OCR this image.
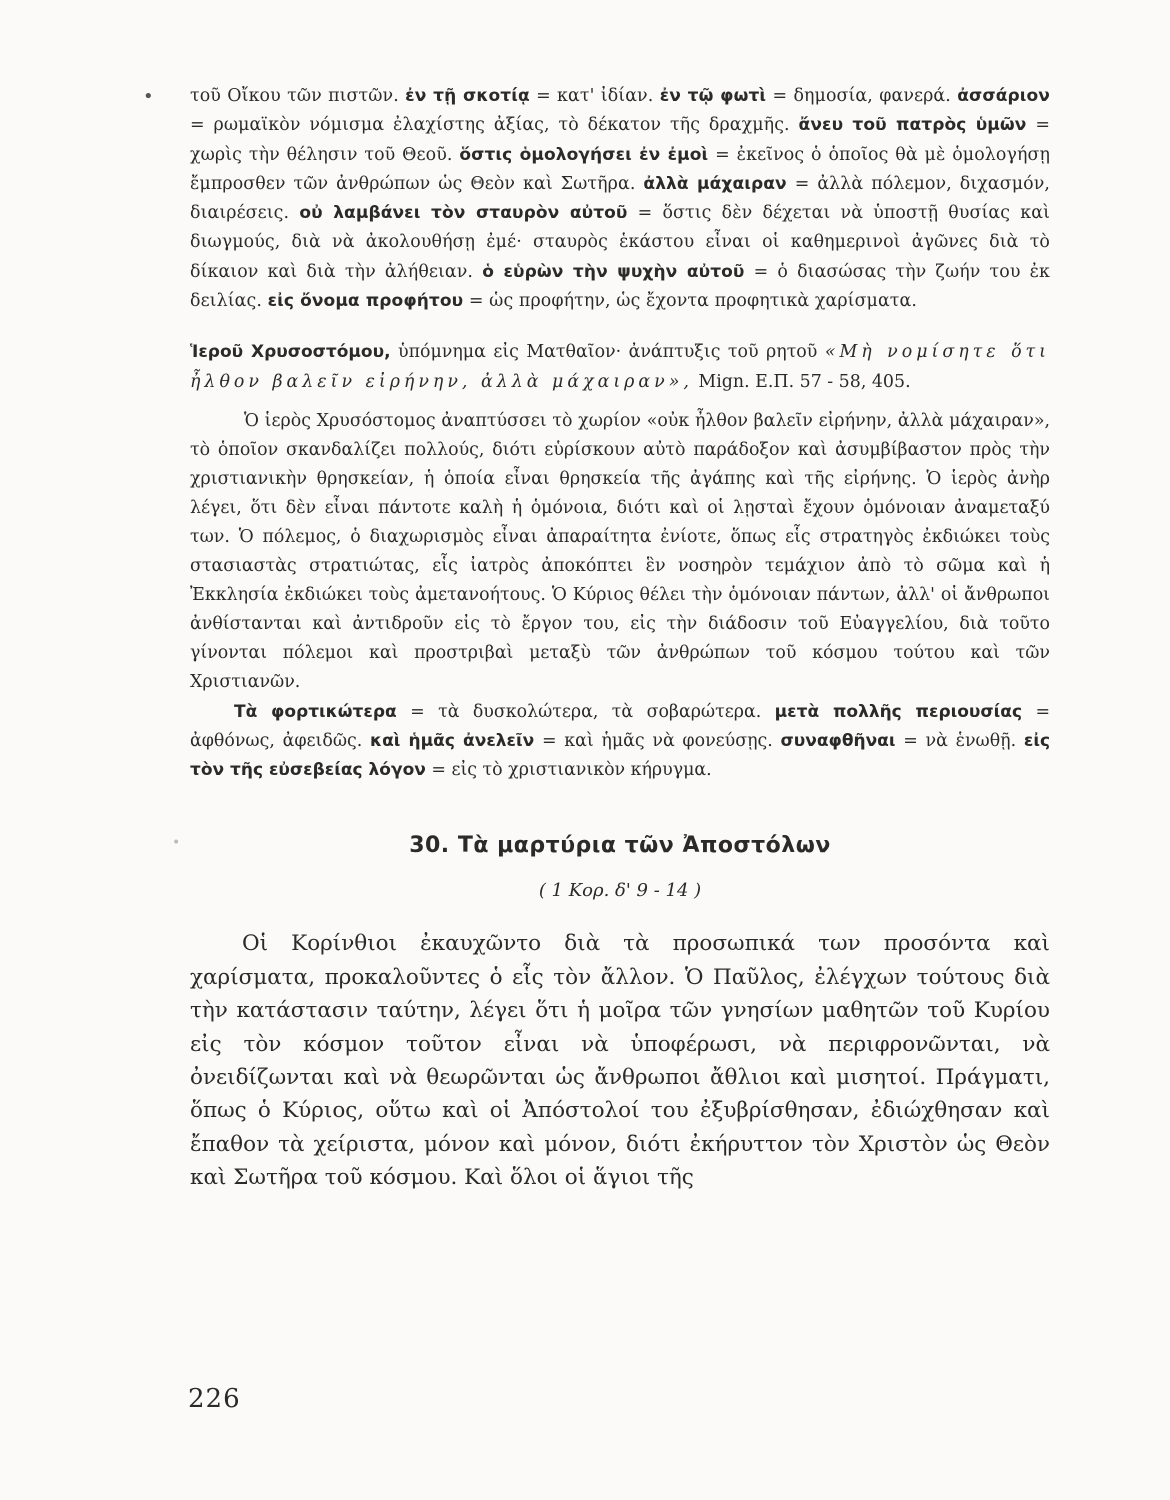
•
•

τοῦ Οἴκου τῶν πιστῶν. ἐν τῇ σκοτίᾳ = κατ' ἰδίαν. ἐν τῷ φωτὶ = δημοσία, φανερά. ἀσσάριον = ρωμαϊκὸν νόμισμα ἐλαχίστης ἀξίας, τὸ δέκατον τῆς δραχμῆς. ἄνευ τοῦ πατρὸς ὑμῶν = χωρὶς τὴν θέλησιν τοῦ Θεοῦ. ὅστις ὁμολογήσει ἐν ἐμοὶ = ἐκεῖνος ὁ ὁποῖος θὰ μὲ ὁμολογήσῃ ἔμπροσθεν τῶν ἀνθρώπων ὡς Θεὸν καὶ Σωτῆρα. ἀλλὰ μάχαιραν = ἀλλὰ πόλεμον, διχασμόν, διαιρέσεις. οὐ λαμβάνει τὸν σταυρὸν αὐτοῦ = ὅστις δὲν δέχεται νὰ ὑποστῇ θυσίας καὶ διωγμούς, διὰ νὰ ἀκολουθήσῃ ἐμέ· σταυρὸς ἑκάστου εἶναι οἱ καθημερινοὶ ἀγῶνες διὰ τὸ δίκαιον καὶ διὰ τὴν ἀλήθειαν. ὁ εὑρὼν τὴν ψυχὴν αὐτοῦ = ὁ διασώσας τὴν ζωήν του ἐκ δειλίας. εἰς ὄνομα προφήτου = ὡς προφήτην, ὡς ἔχοντα προφητικὰ χαρίσματα.

Ἱεροῦ Χρυσοστόμου, ὑπόμνημα εἰς Ματθαῖον· ἀνάπτυξις τοῦ ρητοῦ «Μὴ νομίσητε ὅτι ἦλθον βαλεῖν εἰρήνην, ἀλλὰ μάχαιραν», Mign. E.Π. 57 - 58, 405.

Ὁ ἱερὸς Χρυσόστομος ἀναπτύσσει τὸ χωρίον «οὐκ ἦλθον βαλεῖν εἰρήνην, ἀλλὰ μάχαιραν», τὸ ὁποῖον σκανδαλίζει πολλούς, διότι εὑρίσκουν αὐτὸ παράδοξον καὶ ἀσυμβίβαστον πρὸς τὴν χριστιανικὴν θρησκείαν, ἡ ὁποία εἶναι θρησκεία τῆς ἀγάπης καὶ τῆς εἰρήνης. Ὁ ἱερὸς ἀνὴρ λέγει, ὅτι δὲν εἶναι πάντοτε καλὴ ἡ ὁμόνοια, διότι καὶ οἱ λῃσταὶ ἔχουν ὁμόνοιαν ἀναμεταξύ των. Ὁ πόλεμος, ὁ διαχωρισμὸς εἶναι ἀπαραίτητα ἐνίοτε, ὅπως εἷς στρατηγὸς ἐκδιώκει τοὺς στασιαστὰς στρατιώτας, εἷς ἰατρὸς ἀποκόπτει ἓν νοσηρὸν τεμάχιον ἀπὸ τὸ σῶμα καὶ ἡ Ἐκκλησία ἐκδιώκει τοὺς ἀμετανοήτους. Ὁ Κύριος θέλει τὴν ὁμόνοιαν πάντων, ἀλλ' οἱ ἄνθρωποι ἀνθίστανται καὶ ἀντιδροῦν εἰς τὸ ἔργον του, εἰς τὴν διάδοσιν τοῦ Εὐαγγελίου, διὰ τοῦτο γίνονται πόλεμοι καὶ προστριβαὶ μεταξὺ τῶν ἀνθρώπων τοῦ κόσμου τούτου καὶ τῶν Χριστιανῶν.

Τὰ φορτικώτερα = τὰ δυσκολώτερα, τὰ σοβαρώτερα. μετὰ πολλῆς περιουσίας = ἀφθόνως, ἀφειδῶς. καὶ ἡμᾶς ἀνελεῖν = καὶ ἡμᾶς νὰ φονεύσῃς. συναφθῆναι = νὰ ἑνωθῇ. εἰς τὸν τῆς εὐσεβείας λόγον = εἰς τὸ χριστιανικὸν κήρυγμα.

30. Τὰ μαρτύρια τῶν Ἀποστόλων
( 1 Κορ. δ' 9 - 14 )

Οἱ Κορίνθιοι ἐκαυχῶντο διὰ τὰ προσωπικά των προσόντα καὶ χαρίσματα, προκαλοῦντες ὁ εἷς τὸν ἄλλον. Ὁ Παῦλος, ἐλέγχων τούτους διὰ τὴν κατάστασιν ταύτην, λέγει ὅτι ἡ μοῖρα τῶν γνησίων μαθητῶν τοῦ Κυρίου εἰς τὸν κόσμον τοῦτον εἶναι νὰ ὑποφέρωσι, νὰ περιφρονῶνται, νὰ ὀνειδίζωνται καὶ νὰ θεωρῶνται ὡς ἄνθρωποι ἄθλιοι καὶ μισητοί. Πράγματι, ὅπως ὁ Κύριος, οὕτω καὶ οἱ Ἀπόστολοί του ἐξυβρίσθησαν, ἐδιώχθησαν καὶ ἔπαθον τὰ χείριστα, μόνον καὶ μόνον, διότι ἐκήρυττον τὸν Χριστὸν ὡς Θεὸν καὶ Σωτῆρα τοῦ κόσμου. Καὶ ὅλοι οἱ ἅγιοι τῆς

226
